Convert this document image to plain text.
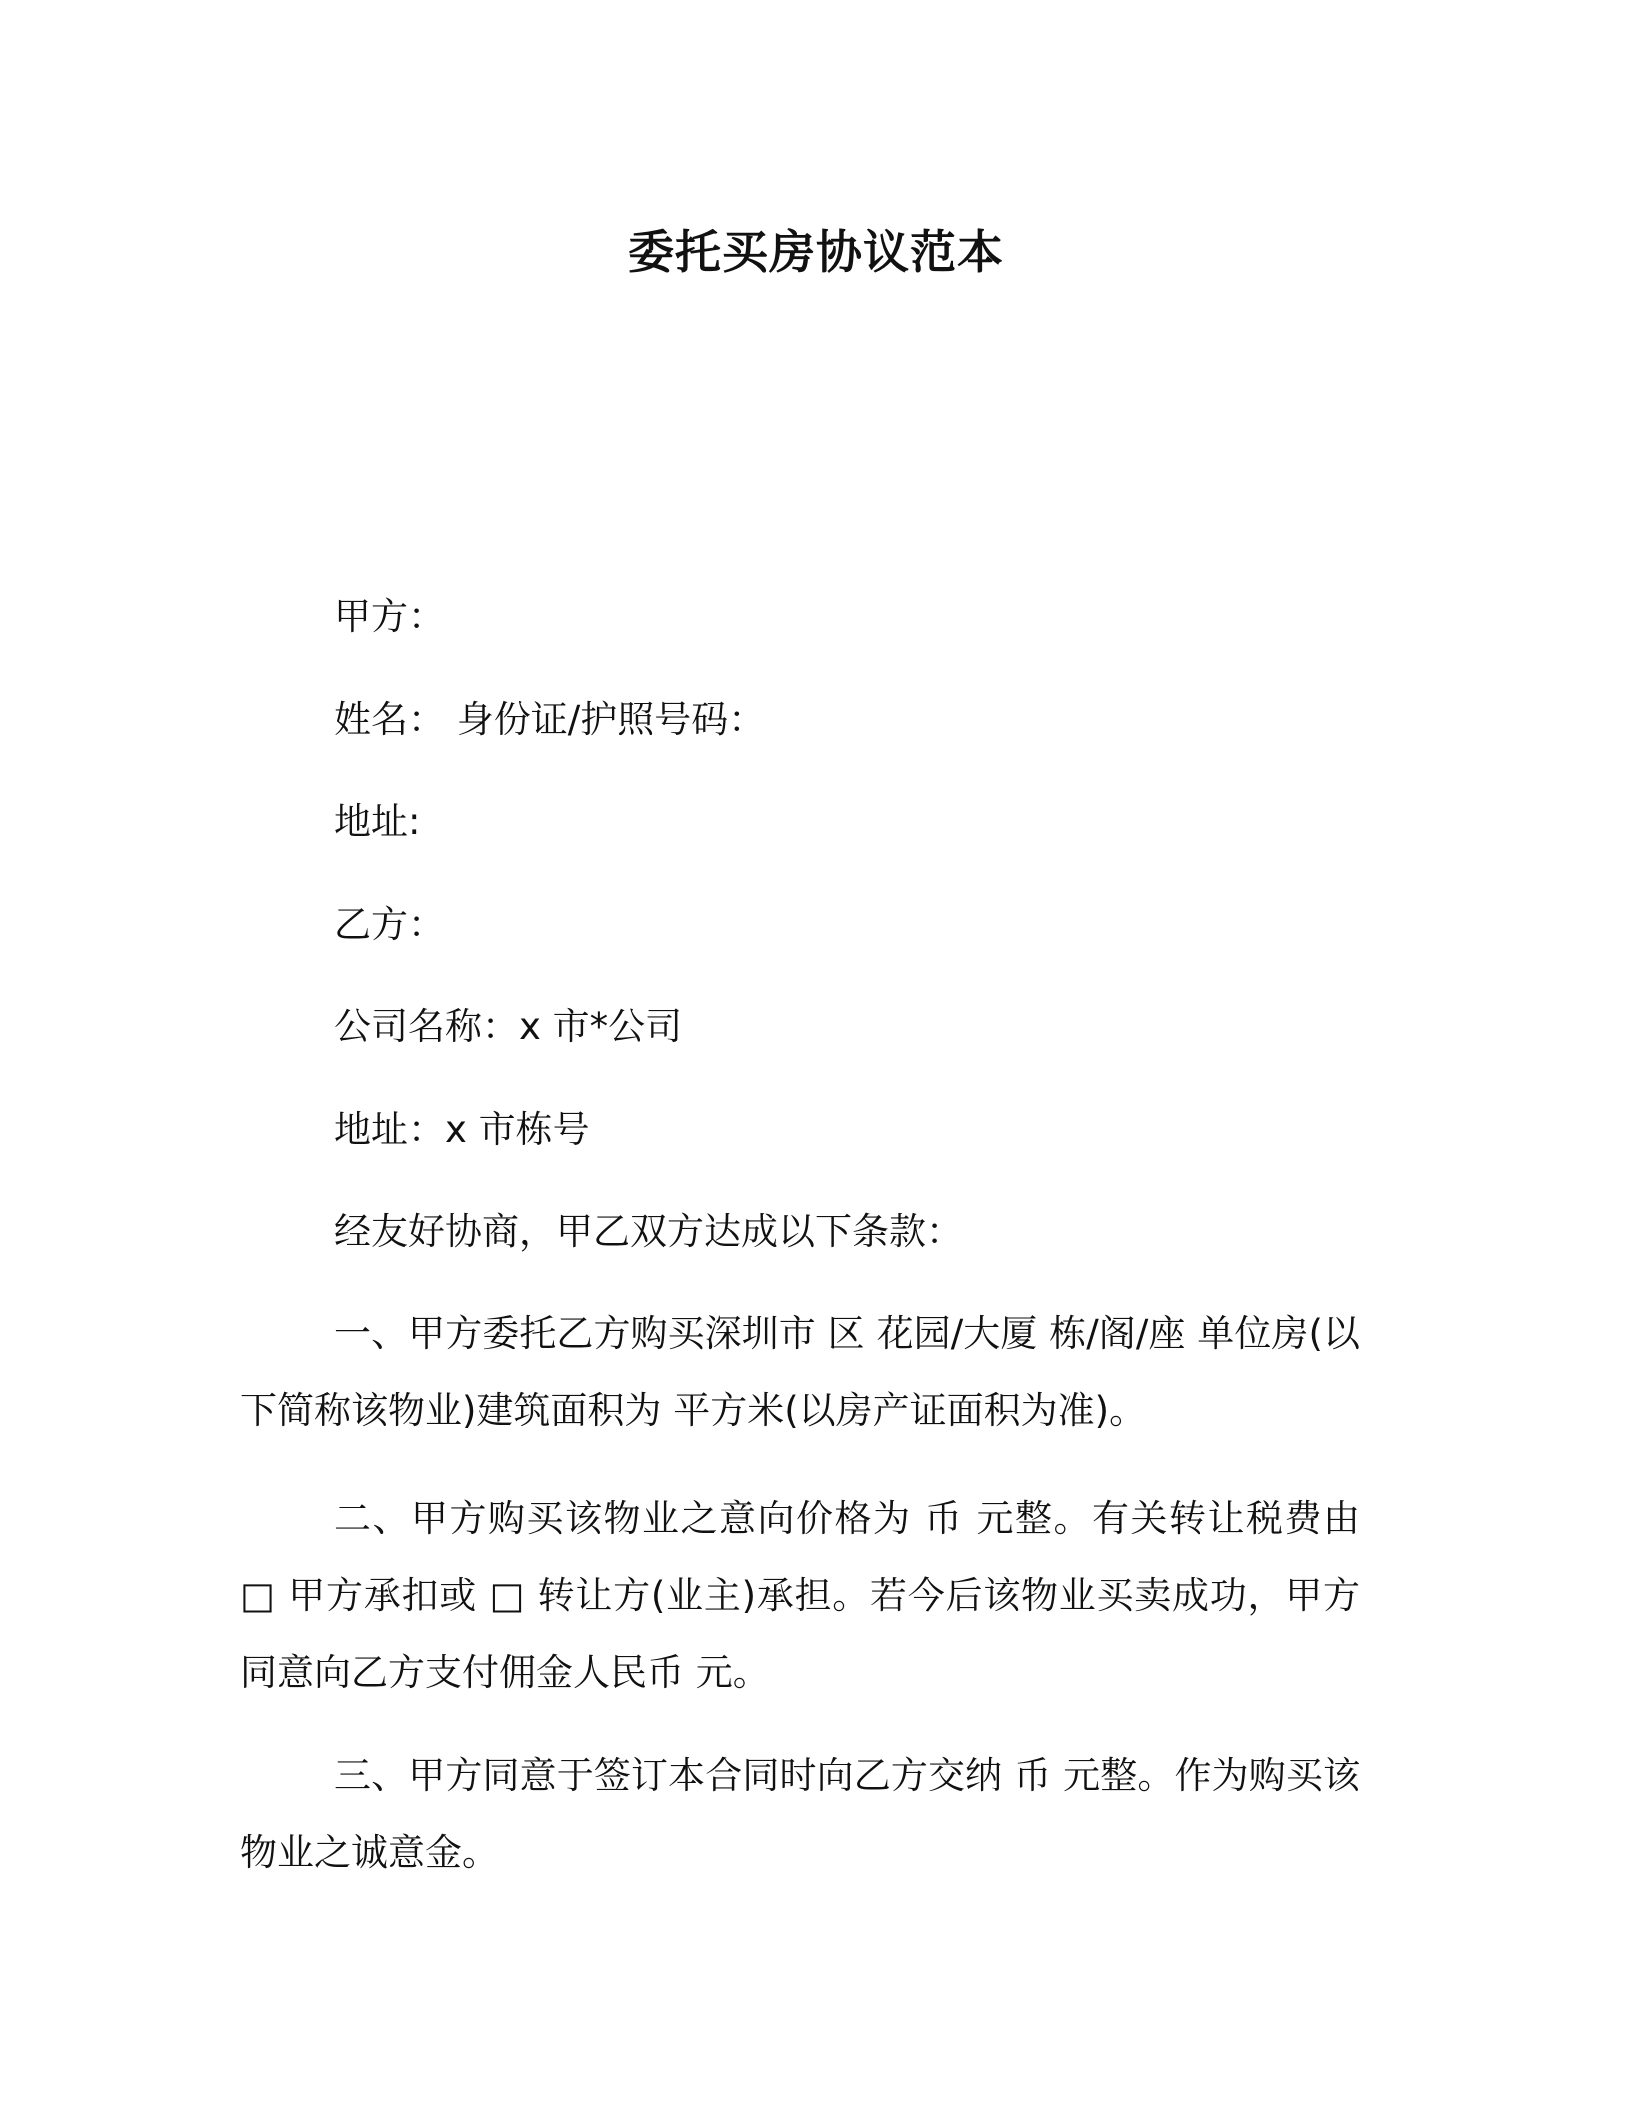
委托买房协议范本
甲方：
姓名： 身份证/护照号码：
地址:
乙方：
公司名称：x 市*公司
地址：x 市栋号
经友好协商，甲乙双方达成以下条款：

一、甲方委托乙方购买深圳市 区 花园/大厦 栋/阁/座 单位房(以下简称该物业)建筑面积为 平方米(以房产证面积为准)。

二、甲方购买该物业之意向价格为 币 元整。有关转让税费由 □ 甲方承扣或 □ 转让方(业主)承担。若今后该物业买卖成功，甲方同意向乙方支付佣金人民币 元。

三、甲方同意于签订本合同时向乙方交纳 币 元整。作为购买该物业之诚意金。
